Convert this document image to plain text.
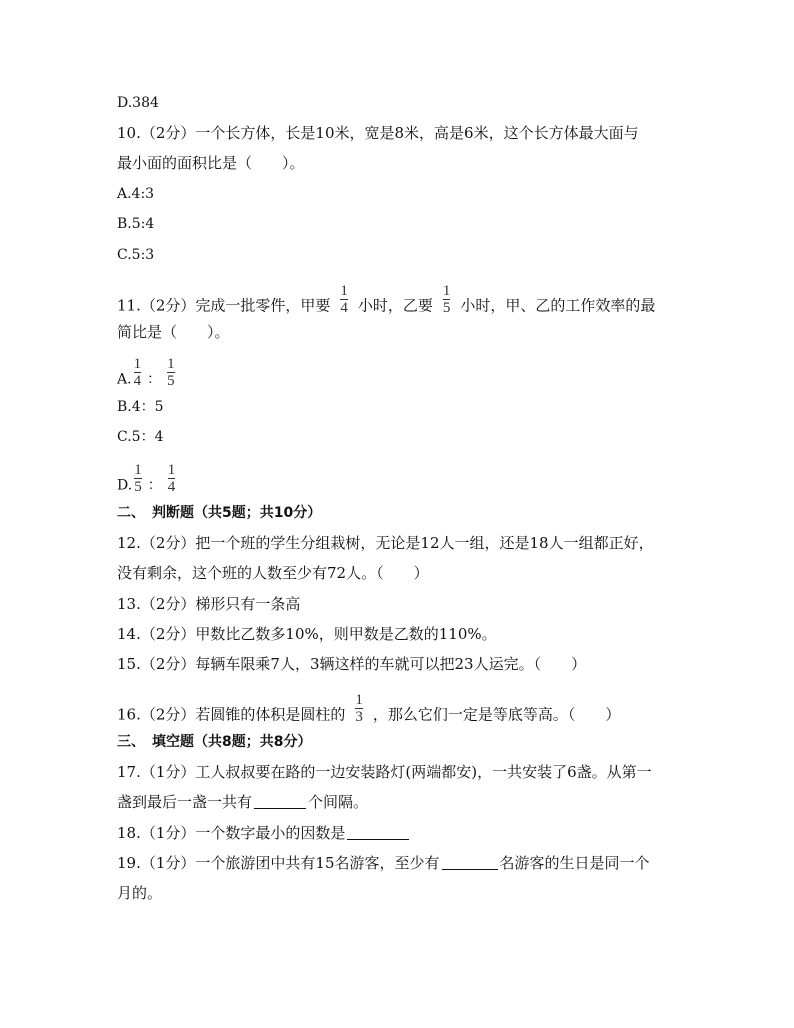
D.384
10.（2分）一个长方体，长是10米，宽是8米，高是6米，这个长方体最大面与
最小面的面积比是（　　）。
A.4:3
B.5:4
C.5:3
11.（2分）完成一批零件，甲要 $\frac{1}{4}$ 小时，乙要 $\frac{1}{5}$ 小时，甲、乙的工作效率的最
简比是（　　）。
A. $\frac{1}{4}$ ： $\frac{1}{5}$
B.4：5
C.5：4
D. $\frac{1}{5}$ ： $\frac{1}{4}$
二、　判断题（共5题；共10分）
12.（2分）把一个班的学生分组栽树，无论是12人一组，还是18人一组都正好，
没有剩余，这个班的人数至少有72人。（　　）
13.（2分）梯形只有一条高
14.（2分）甲数比乙数多10%，则甲数是乙数的110%。
15.（2分）每辆车限乘7人，3辆这样的车就可以把23人运完。（　　）
16.（2分）若圆锥的体积是圆柱的 $\frac{1}{3}$ ，那么它们一定是等底等高。（　　）
三、　填空题（共8题；共8分）
17.（1分）工人叔叔要在路的一边安装路灯(两端都安)，一共安装了6盏。从第一
盏到最后一盏一共有	个间隔。
18.（1分）一个数字最小的因数是
19.（1分）一个旅游团中共有15名游客，至少有	名游客的生日是同一个
月的。
